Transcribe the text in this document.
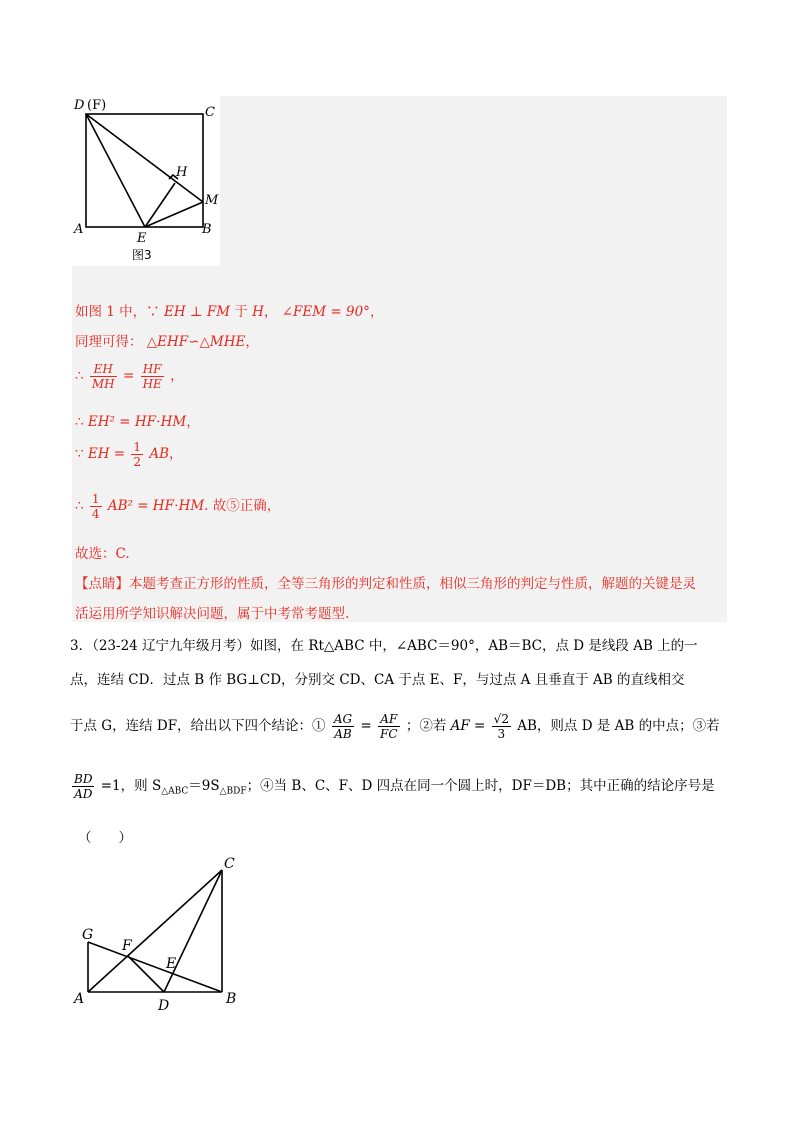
D (F)	C
H
M
A
E
B
图3
如图 1 中，∵ EH ⊥ FM 于 H， ∠FEM = 90°，
同理可得： △EHF∽△MHE，
∴ $\frac{EH}{MH} = \frac{HF}{HE}$ ，
∴ EH² = HF⋅HM，
∵ EH = $\frac{1}{2}$ AB，
∴ $\frac{1}{4} AB^2 = HF\cdot HM$. 故⑤正确，
故选：C.
【点睛】本题考查正方形的性质，全等三角形的判定和性质，相似三角形的判定与性质，解题的关键是灵
活运用所学知识解决问题，属于中考常考题型.
3．（23-24 辽宁九年级月考）如图，在 Rt△ABC 中，∠ABC＝90°，AB＝BC，点 D 是线段 AB 上的一
点，连结 CD．过点 B 作 BG⊥CD，分别交 CD、CA 于点 E、F，与过点 A 且垂直于 AB 的直线相交
于点 G，连结 DF，给出以下四个结论：① $\frac{AG}{AB} = \frac{AF}{FC}$ ；②若 AF = $\frac{√2}{3}$ AB，则点 D 是 AB 的中点；③若
$\frac{BD}{AD} =1$，则 $S_{\triangle ABC}=9S_{\triangle BDF}$；④当 B、C、F、D 四点在同一个圆上时，DF＝DB；其中正确的结论序号是
（　　）
C
G
F
E
A	D	B
